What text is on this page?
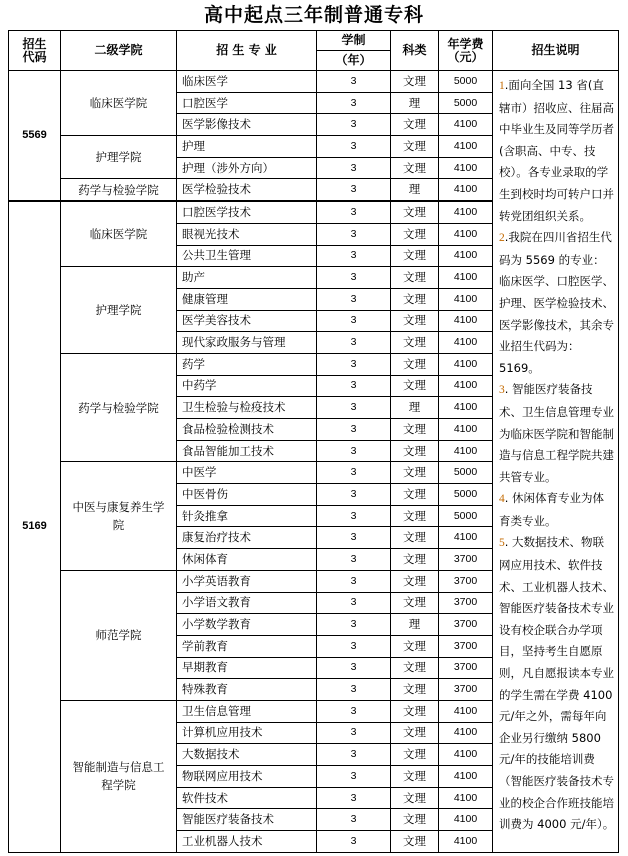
高中起点三年制普通专科
招生
代码	二级学院	招 生 专 业	学制	科类	年学费
（元）	招生说明
			（年）			
5569	临床医学院	临床医学	3	文理	5000	1.面向全国 13 省(直辖市）招收应、往届高中毕业生及同等学历者(含职高、中专、技校）。各专业录取的学生到校时均可转户口并转党团组织关系。

2.我院在四川省招生代码为 5569 的专业：临床医学、口腔医学、护理、医学检验技术、医学影像技术，其余专业招生代码为：5169。

3. 智能医疗装备技术、卫生信息管理专业为临床医学院和智能制造与信息工程学院共建共管专业。

4. 休闲体育专业为体育类专业。

5. 大数据技术、物联网应用技术、软件技术、工业机器人技术、智能医疗装备技术专业设有校企联合办学项目，坚持考生自愿原则，凡自愿报读本专业的学生需在学费 4100 元/年之外，需每年向企业另行缴纳 5800 元/年的技能培训费（智能医疗装备技术专业的校企合作班技能培训费为 4000 元/年）。

		口腔医学	3	理	5000	
		医学影像技术	3	文理	4100	
	护理学院	护理	3	文理	4100	
		护理（涉外方向）	3	文理	4100	
	药学与检验学院	医学检验技术	3	理	4100	
5169	临床医学院	口腔医学技术	3	文理	4100	
		眼视光技术	3	文理	4100	
		公共卫生管理	3	文理	4100	
	护理学院	助产	3	文理	4100	
		健康管理	3	文理	4100	
		医学美容技术	3	文理	4100	
		现代家政服务与管理	3	文理	4100	
	药学与检验学院	药学	3	文理	4100	
		中药学	3	文理	4100	
		卫生检验与检疫技术	3	理	4100	
		食品检验检测技术	3	文理	4100	
		食品智能加工技术	3	文理	4100	
	中医与康复养生学院	中医学	3	文理	5000	
		中医骨伤	3	文理	5000	
		针灸推拿	3	文理	5000	
		康复治疗技术	3	文理	4100	
		休闲体育	3	文理	3700	
	师范学院	小学英语教育	3	文理	3700	
		小学语文教育	3	文理	3700	
		小学数学教育	3	理	3700	
		学前教育	3	文理	3700	
		早期教育	3	文理	3700	
		特殊教育	3	文理	3700	
	智能制造与信息工程学院	卫生信息管理	3	文理	4100	
		计算机应用技术	3	文理	4100	
		大数据技术	3	文理	4100	
		物联网应用技术	3	文理	4100	
		软件技术	3	文理	4100	
		智能医疗装备技术	3	文理	4100	
		工业机器人技术	3	文理	4100	
